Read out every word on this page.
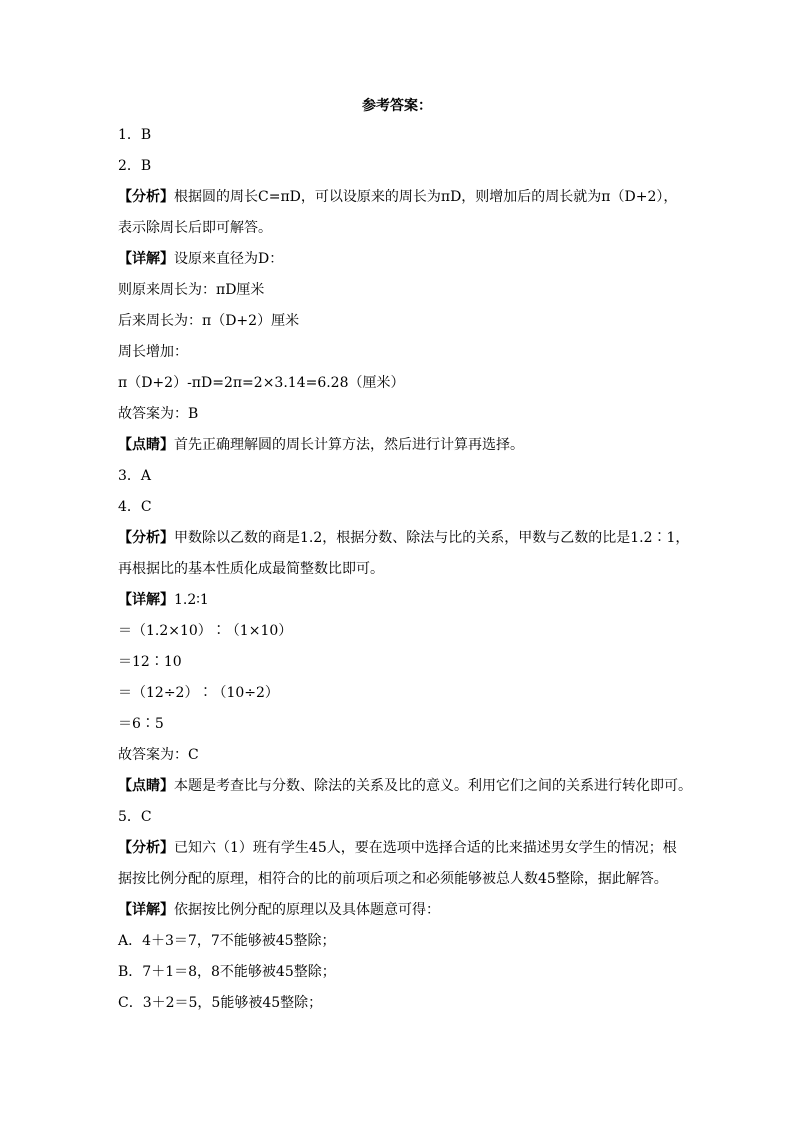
参考答案：
1．B
2．B
【分析】根据圆的周长C=πD，可以设原来的周长为πD，则增加后的周长就为π（D+2），
表示除周长后即可解答。
【详解】设原来直径为D：
则原来周长为：πD厘米
后来周长为：π（D+2）厘米
周长增加：
π（D+2）-πD=2π=2×3.14=6.28（厘米）
故答案为：B
【点睛】首先正确理解圆的周长计算方法，然后进行计算再选择。
3．A
4．C
【分析】甲数除以乙数的商是1.2，根据分数、除法与比的关系，甲数与乙数的比是1.2∶1，
再根据比的基本性质化成最简整数比即可。
【详解】1.2∶1
＝（1.2×10）∶（1×10）
＝12∶10
＝（12÷2）∶（10÷2）
＝6∶5
故答案为：C
【点睛】本题是考查比与分数、除法的关系及比的意义。利用它们之间的关系进行转化即可。
5．C
【分析】已知六（1）班有学生45人，要在选项中选择合适的比来描述男女学生的情况；根
据按比例分配的原理，相符合的比的前项后项之和必须能够被总人数45整除，据此解答。
【详解】依据按比例分配的原理以及具体题意可得：
A．4＋3＝7，7不能够被45整除；
B．7＋1＝8，8不能够被45整除；
C．3＋2＝5，5能够被45整除；
